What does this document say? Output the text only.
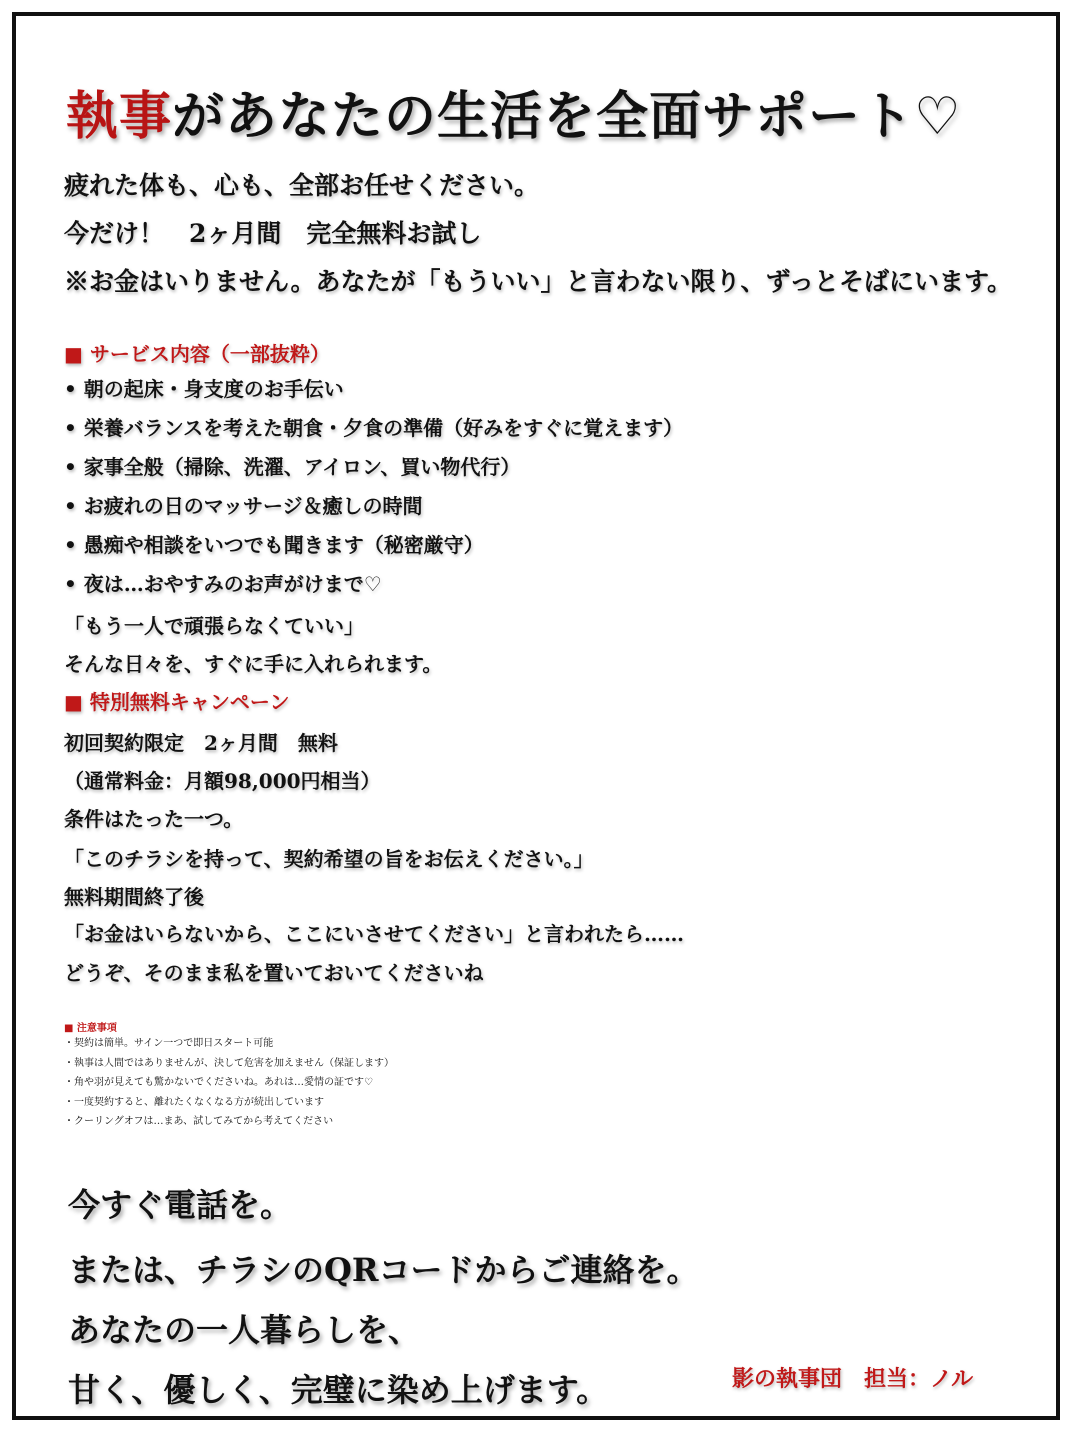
執事があなたの生活を全面サポート♡
疲れた体も、心も、全部お任せください。
今だけ！　2ヶ月間　完全無料お試し
※お金はいりません。あなたが「もういい」と言わない限り、ずっとそばにいます。
■ サービス内容（一部抜粋）
• 朝の起床・身支度のお手伝い
• 栄養バランスを考えた朝食・夕食の準備（好みをすぐに覚えます）
• 家事全般（掃除、洗濯、アイロン、買い物代行）
• お疲れの日のマッサージ＆癒しの時間
• 愚痴や相談をいつでも聞きます（秘密厳守）
• 夜は…おやすみのお声がけまで♡
「もう一人で頑張らなくていい」
そんな日々を、すぐに手に入れられます。
■ 特別無料キャンペーン
初回契約限定　2ヶ月間　無料
（通常料金：月額98,000円相当）
条件はたった一つ。
「このチラシを持って、契約希望の旨をお伝えください。」
無料期間終了後
「お金はいらないから、ここにいさせてください」と言われたら……
どうぞ、そのまま私を置いておいてくださいね
■ 注意事項
・契約は簡単。サイン一つで即日スタート可能
・執事は人間ではありませんが、決して危害を加えません（保証します）
・角や羽が見えても驚かないでくださいね。あれは…愛情の証です♡
・一度契約すると、離れたくなくなる方が続出しています
・クーリングオフは…まあ、試してみてから考えてください
今すぐ電話を。
または、チラシのQRコードからご連絡を。
あなたの一人暮らしを、
甘く、優しく、完璧に染め上げます。	影の執事団　担当：ノル
